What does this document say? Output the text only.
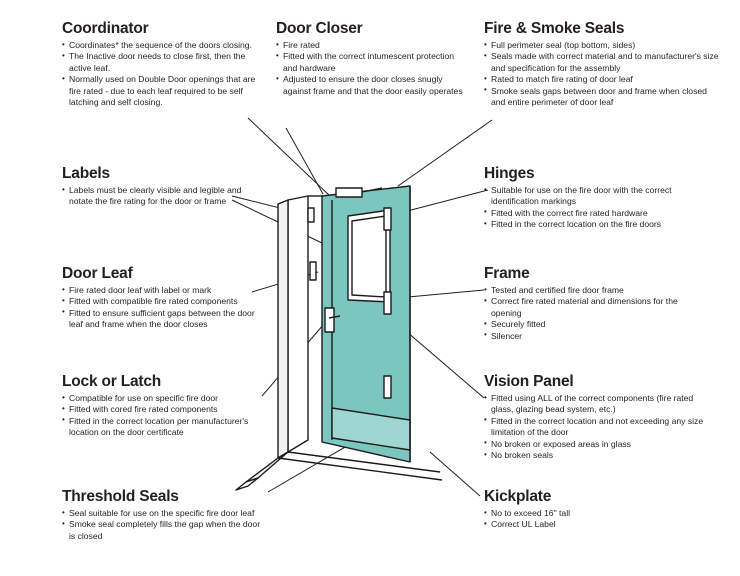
Coordinator
• Coordinates* the sequence of the doors closing.
• The Inactive door needs to close first, then the active leaf.
• Normally used on Double Door openings that are fire rated - due to each leaf required to be self latching and self closing.
Door Closer
• Fire rated
• Fitted with the correct intumescent protection and hardware
• Adjusted to ensure the door closes snugly against frame and that the door easily operates
Fire & Smoke Seals
• Full perimeter seal (top bottom, sides)
• Seals made with correct material and to manufacturer's size and specification for the assembly
• Rated to match fire rating of door leaf
• Smoke seals gaps between door and frame when closed and entire perimeter of door leaf
Labels
• Labels must be clearly visible and legible and notate the fire rating for the door or frame
Hinges
• Suitable for use on the fire door with the correct identification markings
• Fitted with the correct fire rated hardware
• Fitted in the correct location on the fire doors
Door Leaf
• Fire rated door leaf with label or mark
• Fitted with compatible fire rated components
• Fitted to ensure sufficient gaps between the door leaf and frame when the door closes
Frame
• Tested and certified fire door frame
• Correct fire rated material and dimensions for the opening
• Securely fitted
• Silencer
Lock or Latch
• Compatible for use on specific fire door
• Fitted with cored fire rated components
• Fitted in the correct location per manufacturer's location on the door certificate
Vision Panel
• Fitted using ALL of the correct components (fire rated glass, glazing bead system, etc.)
• Fitted in the correct location and not exceeding any size limitation of the door
• No broken or exposed areas in glass
• No broken seals
Threshold Seals
• Seal suitable for use on the specific fire door leaf
• Smoke seal completely fills the gap when the door is closed
Kickplate
• No to exceed 16" tall
• Correct UL Label
